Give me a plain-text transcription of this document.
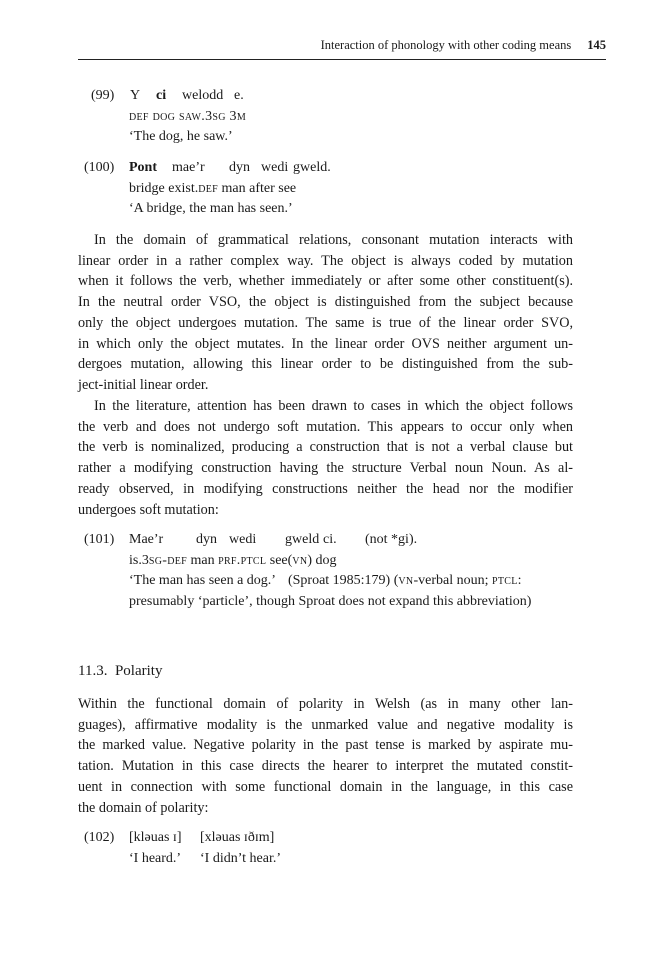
Interaction of phonology with other coding means 145
(99) Y ci welodd e.
def dog saw.3sg 3m
‘The dog, he saw.’
(100) Pont mae’r dyn wedi gweld.
bridge exist.def man after see
‘A bridge, the man has seen.’
In the domain of grammatical relations, consonant mutation interacts with
linear order in a rather complex way. The object is always coded by mutation
when it follows the verb, whether immediately or after some other constituent(s).
In the neutral order VSO, the object is distinguished from the subject because
only the object undergoes mutation. The same is true of the linear order SVO,
in which only the object mutates. In the linear order OVS neither argument un-
dergoes mutation, allowing this linear order to be distinguished from the sub-
ject-initial linear order.
In the literature, attention has been drawn to cases in which the object follows
the verb and does not undergo soft mutation. This appears to occur only when
the verb is nominalized, producing a construction that is not a verbal clause but
rather a modifying construction having the structure Verbal noun Noun. As al-
ready observed, in modifying constructions neither the head nor the modifier
undergoes soft mutation:
(101) Mae’r dyn wedi gweld ci. (not *gi).
is.3sg-def man prf.ptcl see(vn) dog
‘The man has seen a dog.’ (Sproat 1985:179) (vn-verbal noun; ptcl:
presumably ‘particle’, though Sproat does not expand this abbreviation)
11.3. Polarity
Within the functional domain of polarity in Welsh (as in many other lan-
guages), affirmative modality is the unmarked value and negative modality is
the marked value. Negative polarity in the past tense is marked by aspirate mu-
tation. Mutation in this case directs the hearer to interpret the mutated constit-
uent in connection with some functional domain in the language, in this case
the domain of polarity:
(102) [kləuas ɪ] [xləuas ɪðɪm]
‘I heard.’ ‘I didn’t hear.’
